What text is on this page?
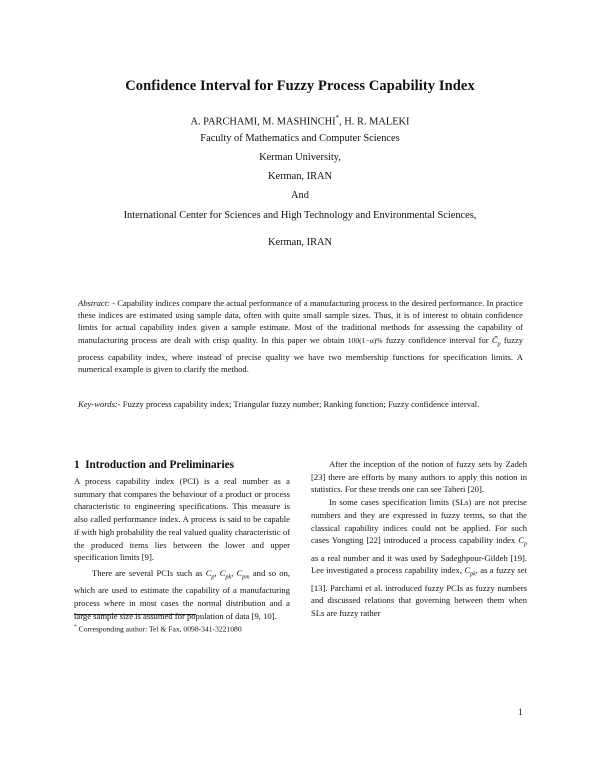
Confidence Interval for Fuzzy Process Capability Index
A. PARCHAMI, M. MASHINCHI*, H. R. MALEKI
Faculty of Mathematics and Computer Sciences
Kerman University,
Kerman, IRAN
And
International Center for Sciences and High Technology and Environmental Sciences,
Kerman, IRAN
Abstract: - Capability indices compare the actual performance of a manufacturing process to the desired performance. In practice these indices are estimated using sample data, often with quite small sample sizes. Thus, it is of interest to obtain confidence limits for actual capability index given a sample estimate. Most of the traditional methods for assessing the capability of manufacturing process are dealt with crisp quality. In this paper we obtain 100(1−α)% fuzzy confidence interval for $C̃_p$ fuzzy process capability index, where instead of precise quality we have two membership functions for specification limits. A numerical example is given to clarify the method.
Key-words:- Fuzzy process capability index; Triangular fuzzy number; Ranking function; Fuzzy confidence interval.
1 Introduction and Preliminaries

A process capability index (PCI) is a real number as a summary that compares the behaviour of a product or process characteristic to engineering specifications. This measure is also called performance index. A process is said to be capable if with high probability the real valued quality characteristic of the produced items lies between the lower and upper specification limits [9].

There are several PCIs such as $C_p$, $C_{pk}$, $C_{pm}$ and so on, which are used to estimate the capability of a manufacturing process where in most cases the normal distribution and a large sample size is assumed for population of data [9, 10].

After the inception of the notion of fuzzy sets by Zadeh [23] there are efforts by many authors to apply this notion in statistics. For these trends one can see Taheri [20].

In some cases specification limits (SLs) are not precise numbers and they are expressed in fuzzy terms, so that the classical capability indices could not be applied. For such cases Yongting [22] introduced a process capability index $C_p$ as a real number and it was used by Sadeghpour-Gildeh [19]. Lee investigated a process capability index, $C_{pk}$, as a fuzzy set [13]. Parchami et al. introduced fuzzy PCIs as fuzzy numbers and discussed relations that governing between them when SLs are fuzzy rather

* Corresponding author: Tel & Fax, 0098-341-3221080
1
